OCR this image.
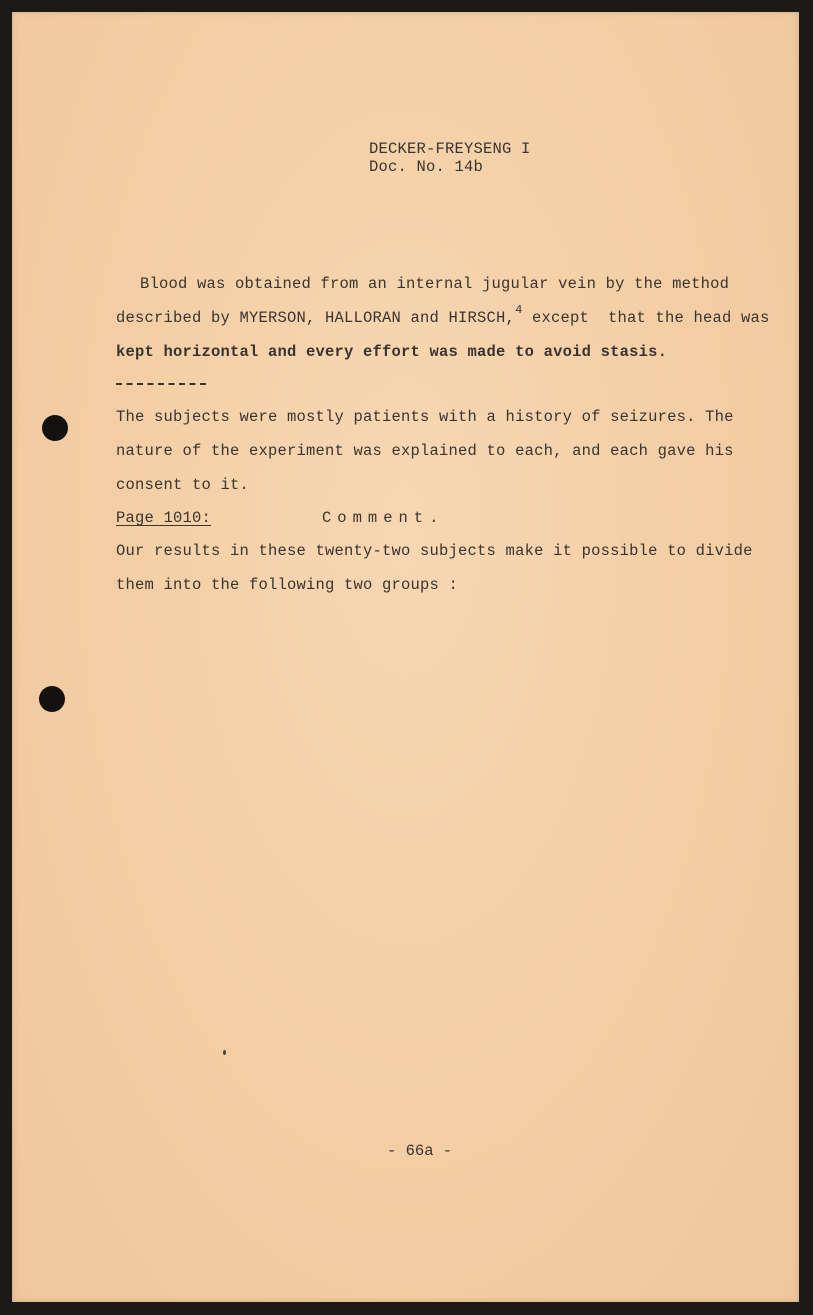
DECKER-FREYSENG I
Doc. No. 14b
Blood was obtained from an internal jugular vein by the method
described by MYERSON, HALLORAN and HIRSCH,$^4$ except  that the head was
kept horizontal and every effort was made to avoid stasis.
The subjects were mostly patients with a history of seizures. The
nature of the experiment was explained to each, and each gave his
consent to it.
Page 1010:	Comment.
Our results in these twenty-two subjects make it possible to divide
them into the following two groups :
- 66a -
